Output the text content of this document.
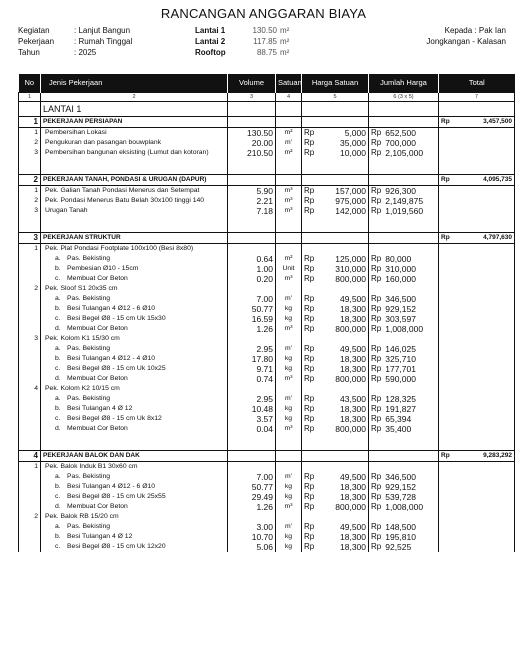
RANCANGAN ANGGARAN BIAYA
Kegiatan	: Lanjut Bangun
Pekerjaan : Rumah Tinggal
Tahun	: 2025
Lantai 1	130.50 m²
Lantai 2	117.85 m²
Rooftop	88.75 m²
Kepada : Pak Ian
Jongkangan - Kalasan
No	Jenis Pekerjaan	Volume	Satuan	Harga Satuan	Jumlah Harga	Total
1	2	3	4	5	6 (3 x 5)	7
	LANTAI 1					
1	PEKERJAAN PERSIAPAN					Rp 3,457,500

1	Pembersihan Lokasi	130.50	m²	Rp 5,000	Rp 652,500	

2	Pengukuran dan pasangan bouwplank	20.00	m'	Rp 35,000	Rp 700,000	

3	Pembersihan bangunan eksisting (Lumut dan kotoran)	210.50	m²	Rp 10,000	Rp 2,105,000	

2	PEKERJAAN TANAH, PONDASI & URUGAN (DAPUR)					Rp 4,095,735

1	Pek. Galian Tanah Pondasi Menerus dan Setempat	5.90	m³	Rp 157,000	Rp 926,300	

2	Pek. Pondasi Menerus Batu Belah 30x100 tinggi 140	2.21	m³	Rp 975,000	Rp 2,149,875	

3	Urugan Tanah	7.18	m³	Rp 142,000	Rp 1,019,560	

3	PEKERJAAN STRUKTUR					Rp 4,797,630

1	Pek. Plat Pondasi Footplate 100x100 (Besi 8x80)					
	a. Pas. Bekisting	0.64	m²	Rp 125,000	Rp 80,000	

	b. Pembesian Ø10 - 15cm	1.00	Unit	Rp 310,000	Rp 310,000	

	c. Membuat Cor Beton	0.20	m³	Rp 800,000	Rp 160,000	

2	Pek. Sloof S1 20x35 cm					
	a. Pas. Bekisting	7.00	m'	Rp 49,500	Rp 346,500	

	b. Besi Tulangan 4 Ø12 - 6 Ø10	50.77	kg	Rp 18,300	Rp 929,152	

	c. Besi Begel Ø8 - 15 cm Uk 15x30	16.59	kg	Rp 18,300	Rp 303,597	

	d. Membuat Cor Beton	1.26	m³	Rp 800,000	Rp 1,008,000	

3	Pek. Kolom K1 15/30 cm					
	a. Pas. Bekisting	2.95	m'	Rp 49,500	Rp 146,025	

	b. Besi Tulangan 4 Ø12 - 4 Ø10	17.80	kg	Rp 18,300	Rp 325,710	

	c. Besi Begel Ø8 - 15 cm Uk 10x25	9.71	kg	Rp 18,300	Rp 177,701	

	d. Membuat Cor Beton	0.74	m³	Rp 800,000	Rp 590,000	

4	Pek. Kolom K2 10/15 cm					
	a. Pas. Bekisting	2.95	m'	Rp 43,500	Rp 128,325	

	b. Besi Tulangan 4 Ø 12	10.48	kg	Rp 18,300	Rp 191,827	

	c. Besi Begel Ø8 - 15 cm Uk 8x12	3.57	kg	Rp 18,300	Rp 65,394	

	d. Membuat Cor Beton	0.04	m³	Rp 800,000	Rp 35,400	

4	PEKERJAAN BALOK DAN DAK					Rp 9,283,292

1	Pek. Balok Induk B1 30x60 cm					
	a. Pas. Bekisting	7.00	m'	Rp 49,500	Rp 346,500	

	b. Besi Tulangan 4 Ø12 - 6 Ø10	50.77	kg	Rp 18,300	Rp 929,152	

	c. Besi Begel Ø8 - 15 cm Uk 25x55	29.49	kg	Rp 18,300	Rp 539,728	

	d. Membuat Cor Beton	1.26	m³	Rp 800,000	Rp 1,008,000	

2	Pek. Balok RB 15/20 cm					
	a. Pas. Bekisting	3.00	m'	Rp 49,500	Rp 148,500	

	b. Besi Tulangan 4 Ø 12	10.70	kg	Rp 18,300	Rp 195,810	

	c. Besi Begel Ø8 - 15 cm Uk 12x20	5.06	kg	Rp 18,300	Rp 92,525	
